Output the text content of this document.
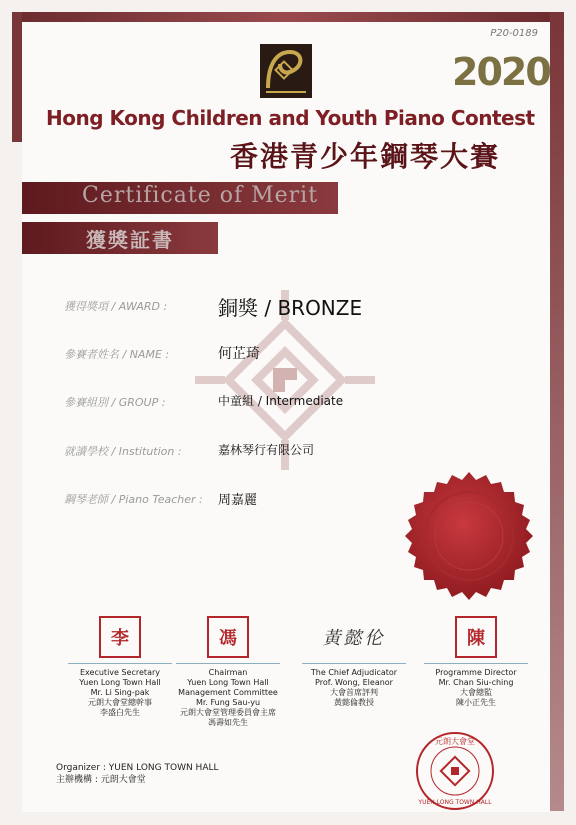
P20-0189
2020
Hong Kong Children and Youth Piano Contest
香港青少年鋼琴大賽
Certificate of Merit
獲獎証書
獲得獎項 / AWARD :	銅獎 / BRONZE
參賽者姓名 / NAME :	何芷琦
參賽組別 / GROUP :	中童組 / Intermediate
就讀學校 / Institution :	嘉林琴行有限公司
鋼琴老師 / Piano Teacher : 周嘉麗
李
Executive Secretary
Yuen Long Town Hall
Mr. Li Sing-pak
元朗大會堂總幹事
李盛白先生
馮
Chairman
Yuen Long Town Hall
Management Committee
Mr. Fung Sau-yu
元朗大會堂管理委員會主席
馮壽如先生
黃懿伦
The Chief Adjudicator
Prof. Wong, Eleanor
大會首席評判
黃懿倫教授
陳
Programme Director
Mr. Chan Siu-ching
大會總監
陳小正先生
Organizer : YUEN LONG TOWN HALL
主辦機構 : 元朗大會堂
元朗大會堂
YUEN LONG TOWN HALL
